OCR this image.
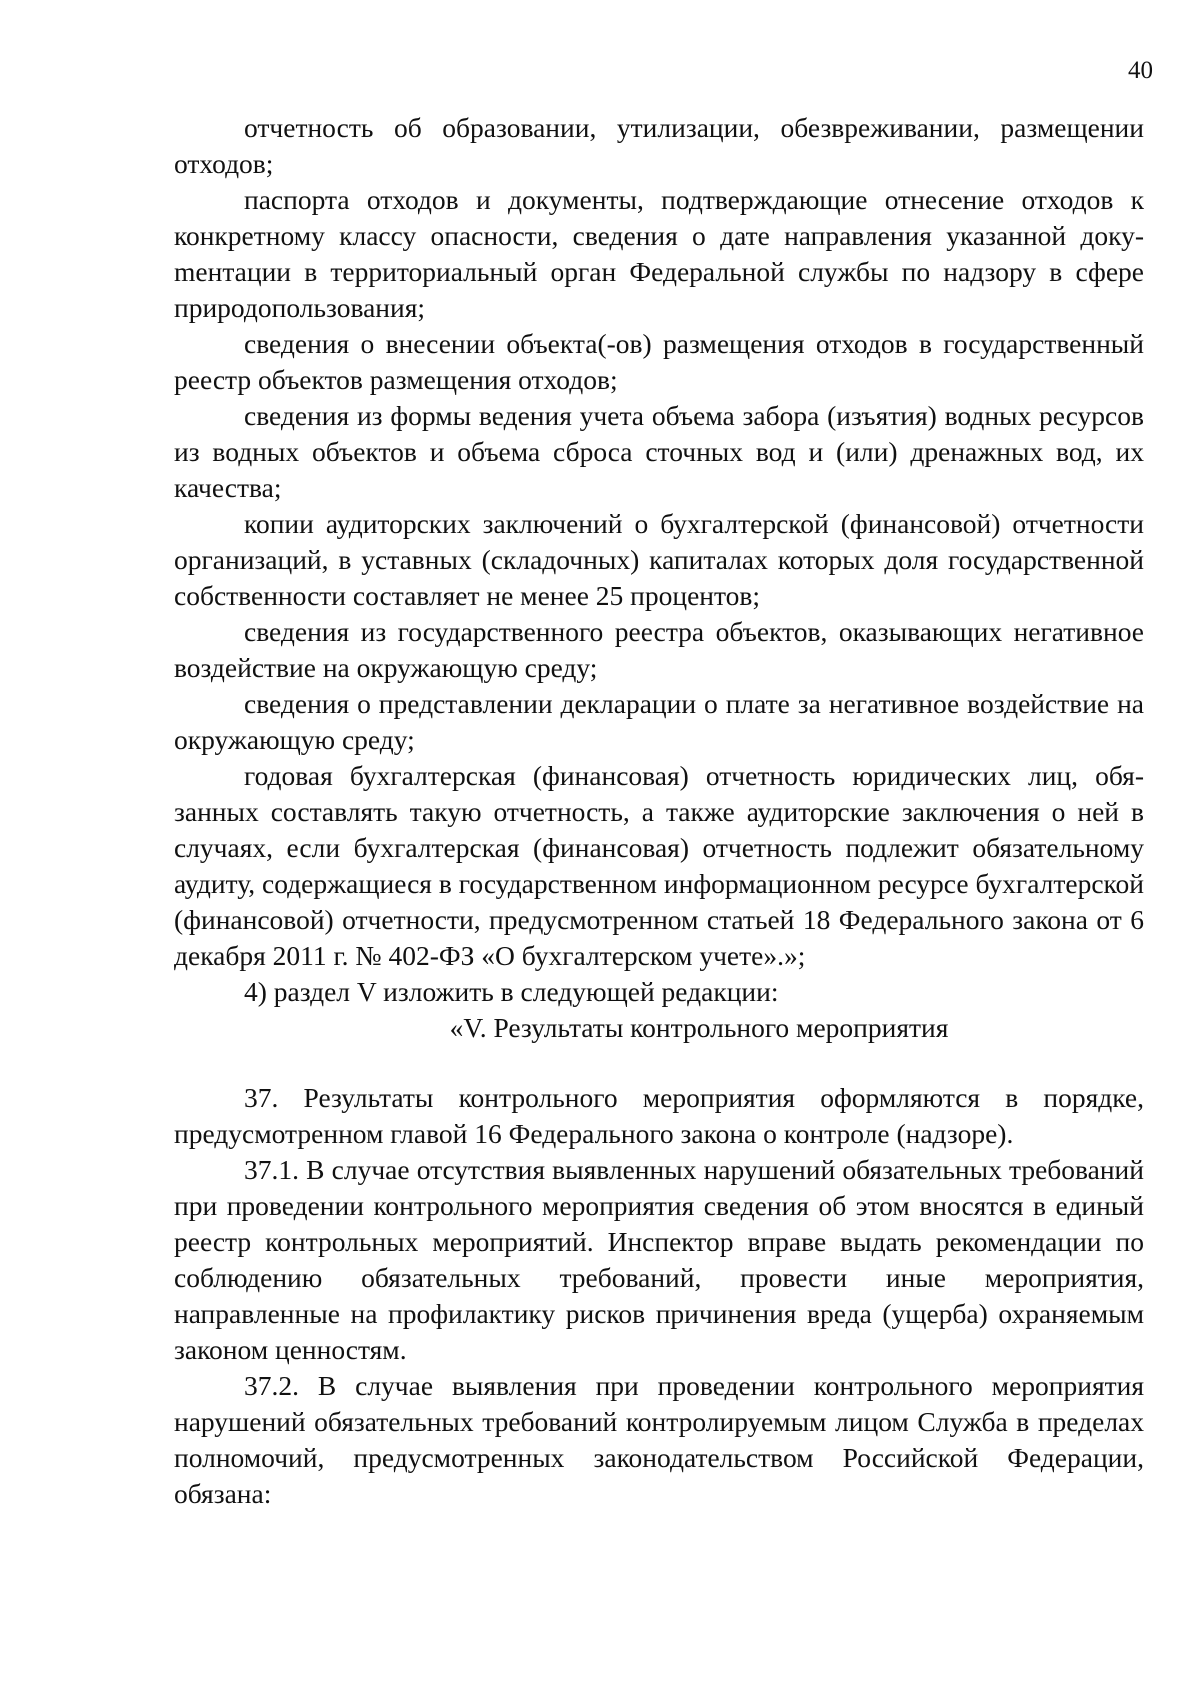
40

отчетность об образовании, утилизации, обезвреживании, размещении отходов;

паспорта отходов и документы, подтверждающие отнесение отходов к конкретному классу опасности, сведения о дате направления указанной докуmентации в территориальный орган Федеральной службы по надзору в сфере природопользования;

сведения о внесении объекта(-ов) размещения отходов в государственный реестр объектов размещения отходов;

сведения из формы ведения учета объема забора (изъятия) водных ресурсов из водных объектов и объема сброса сточных вод и (или) дренажных вод, их качества;

копии аудиторских заключений о бухгалтерской (финансовой) отчетности организаций, в уставных (складочных) капиталах которых доля государственной собственности составляет не менее 25 процентов;

сведения из государственного реестра объектов, оказывающих негативное воздействие на окружающую среду;

сведения о представлении декларации о плате за негативное воздействие на окружающую среду;

годовая бухгалтерская (финансовая) отчетность юридических лиц, обязанных составлять такую отчетность, а также аудиторские заключения о ней в случаях, если бухгалтерская (финансовая) отчетность подлежит обязательному аудиту, содержащиеся в государственном информационном ресурсе бухгалтерской (финансовой) отчетности, предусмотренном статьей 18 Федерального закона от 6 декабря 2011 г. № 402-ФЗ «О бухгалтерском учете».»;

4) раздел V изложить в следующей редакции:

«V. Результаты контрольного мероприятия

37. Результаты контрольного мероприятия оформляются в порядке, предусмотренном главой 16 Федерального закона о контроле (надзоре).

37.1. В случае отсутствия выявленных нарушений обязательных требований при проведении контрольного мероприятия сведения об этом вносятся в единый реестр контрольных мероприятий. Инспектор вправе выдать рекомендации по соблюдению обязательных требований, провести иные мероприятия, направленные на профилактику рисков причинения вреда (ущерба) охраняемым законом ценностям.

37.2. В случае выявления при проведении контрольного мероприятия нарушений обязательных требований контролируемым лицом Служба в пределах полномочий, предусмотренных законодательством Российской Федерации, обязана:
